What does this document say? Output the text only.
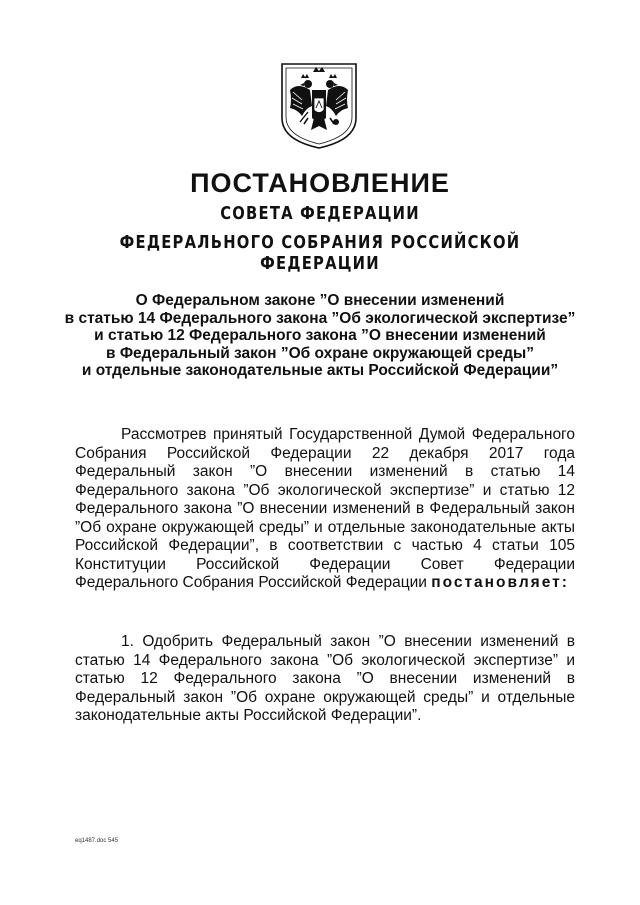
ПОСТАНОВЛЕНИЕ
СОВЕТА ФЕДЕРАЦИИ
ФЕДЕРАЛЬНОГО СОБРАНИЯ РОССИЙСКОЙ ФЕДЕРАЦИИ
О Федеральном законе ”О внесении изменений
в статью 14 Федерального закона ”Об экологической экспертизе”
и статью 12 Федерального закона ”О внесении изменений
в Федеральный закон ”Об охране окружающей среды”
и отдельные законодательные акты Российской Федерации”
Рассмотрев принятый Государственной Думой Федерального Собрания Российской Федерации 22 декабря 2017 года Федеральный закон ”О внесении изменений в статью 14 Федерального закона ”Об экологической экспертизе” и статью 12 Федерального закона ”О внесении изменений в Федеральный закон ”Об охране окружающей среды” и отдельные законодательные акты Российской Федерации”, в соответствии с частью 4 статьи 105 Конституции Российской Федерации Совет Федерации Федерального Собрания Российской Федерации постановляет:
1. Одобрить Федеральный закон ”О внесении изменений в статью 14 Федерального закона ”Об экологической экспертизе” и статью 12 Федерального закона ”О внесении изменений в Федеральный закон ”Об охране окружающей среды” и отдельные законодательные акты Российской Федерации”.
eq1487.doc 545
